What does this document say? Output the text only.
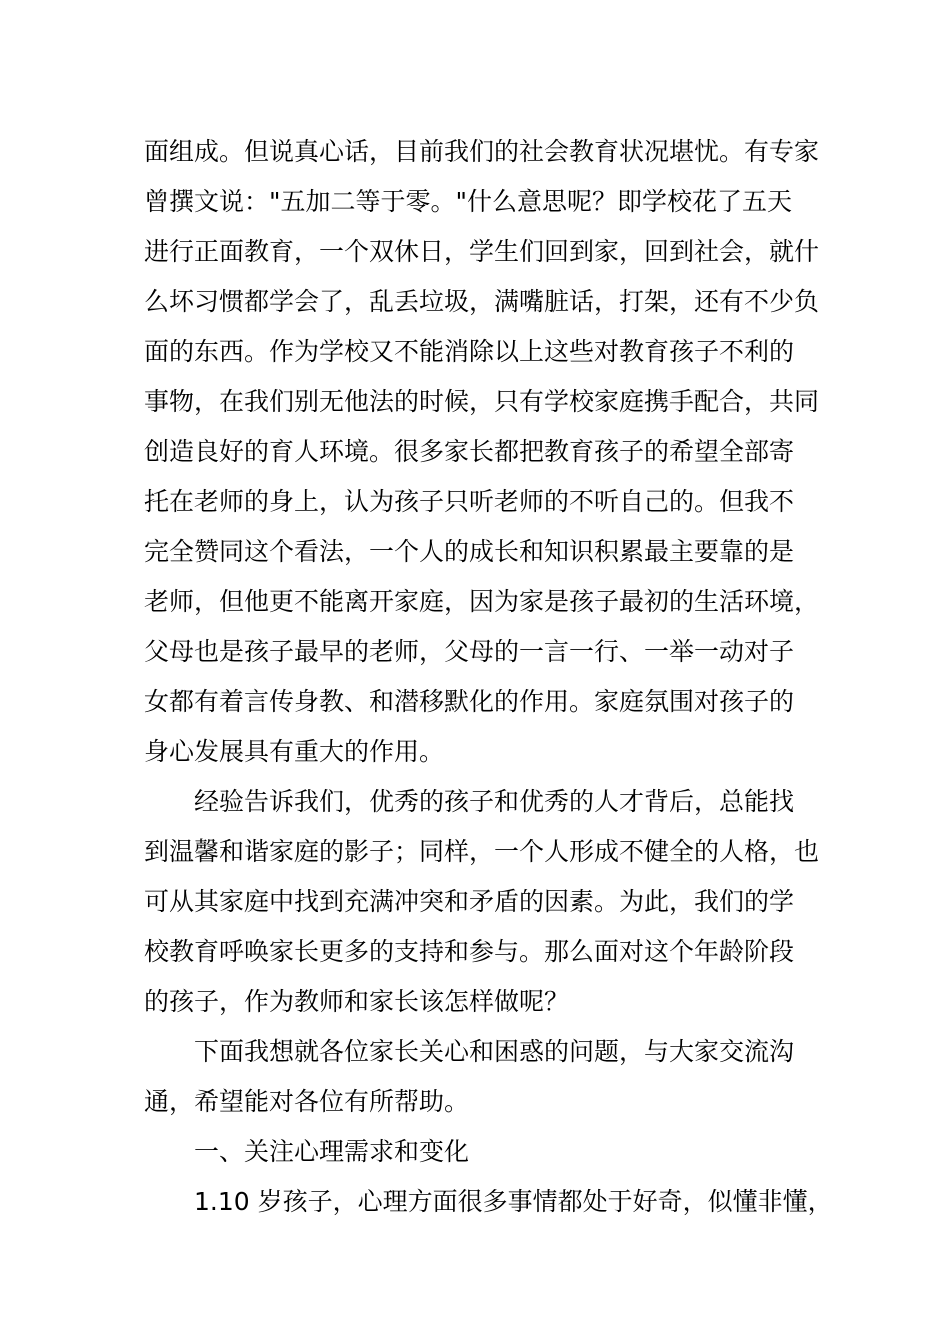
面组成。但说真心话，目前我们的社会教育状况堪忧。有专家
曾撰文说："五加二等于零。"什么意思呢？即学校花了五天
进行正面教育，一个双休日，学生们回到家，回到社会，就什
么坏习惯都学会了，乱丢垃圾，满嘴脏话，打架，还有不少负
面的东西。作为学校又不能消除以上这些对教育孩子不利的
事物，在我们别无他法的时候，只有学校家庭携手配合，共同
创造良好的育人环境。很多家长都把教育孩子的希望全部寄
托在老师的身上，认为孩子只听老师的不听自己的。但我不
完全赞同这个看法，一个人的成长和知识积累最主要靠的是
老师，但他更不能离开家庭，因为家是孩子最初的生活环境，
父母也是孩子最早的老师，父母的一言一行、一举一动对子
女都有着言传身教、和潜移默化的作用。家庭氛围对孩子的
身心发展具有重大的作用。
经验告诉我们，优秀的孩子和优秀的人才背后，总能找
到温馨和谐家庭的影子；同样，一个人形成不健全的人格，也
可从其家庭中找到充满冲突和矛盾的因素。为此，我们的学
校教育呼唤家长更多的支持和参与。那么面对这个年龄阶段
的孩子，作为教师和家长该怎样做呢？
下面我想就各位家长关心和困惑的问题，与大家交流沟
通，希望能对各位有所帮助。
一、关注心理需求和变化
1.10 岁孩子，心理方面很多事情都处于好奇，似懂非懂，
